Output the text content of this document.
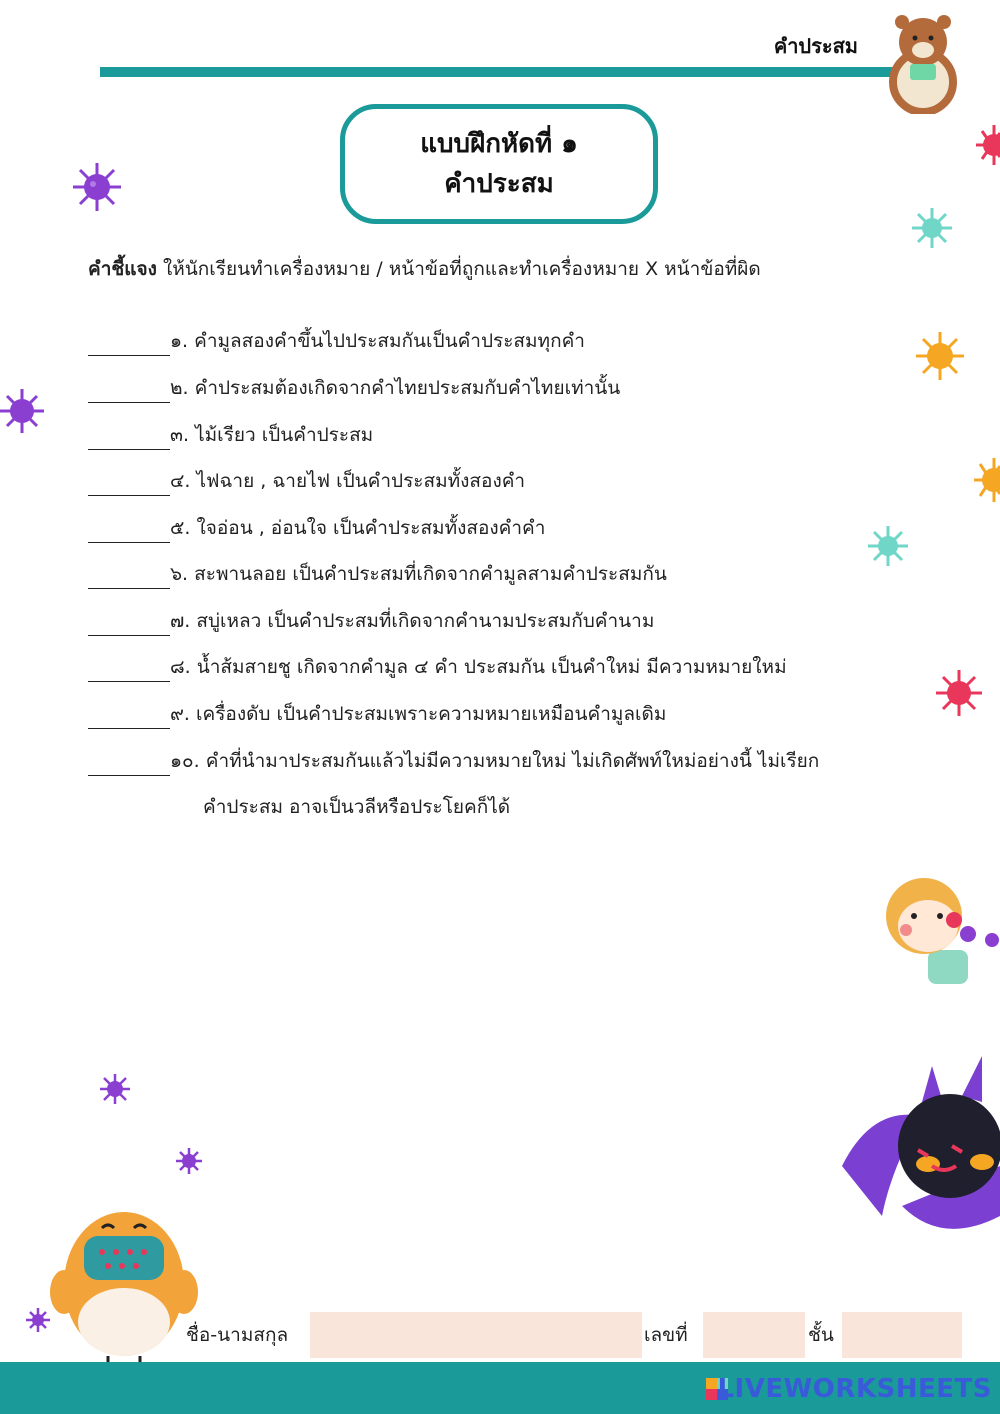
คำประสม
แบบฝึกหัดที่ ๑
คำประสม
คำชี้แจง ให้นักเรียนทำเครื่องหมาย / หน้าข้อที่ถูกและทำเครื่องหมาย X หน้าข้อที่ผิด
๑. คำมูลสองคำขึ้นไปประสมกันเป็นคำประสมทุกคำ
๒. คำประสมต้องเกิดจากคำไทยประสมกับคำไทยเท่านั้น
๓. ไม้เรียว เป็นคำประสม
๔. ไฟฉาย , ฉายไฟ เป็นคำประสมทั้งสองคำ
๕. ใจอ่อน , อ่อนใจ เป็นคำประสมทั้งสองคำคำ
๖. สะพานลอย เป็นคำประสมที่เกิดจากคำมูลสามคำประสมกัน
๗. สบู่เหลว เป็นคำประสมที่เกิดจากคำนามประสมกับคำนาม
๘. น้ำส้มสายชู เกิดจากคำมูล ๔ คำ ประสมกัน เป็นคำใหม่ มีความหมายใหม่
๙. เครื่องดับ เป็นคำประสมเพราะความหมายเหมือนคำมูลเดิม
๑๐. คำที่นำมาประสมกันแล้วไม่มีความหมายใหม่ ไม่เกิดศัพท์ใหม่อย่างนี้ ไม่เรียก
คำประสม อาจเป็นวลีหรือประโยคก็ได้
ชื่อ-นามสกุล	เลขที่	ชั้น
LIVEWORKSHEETS
